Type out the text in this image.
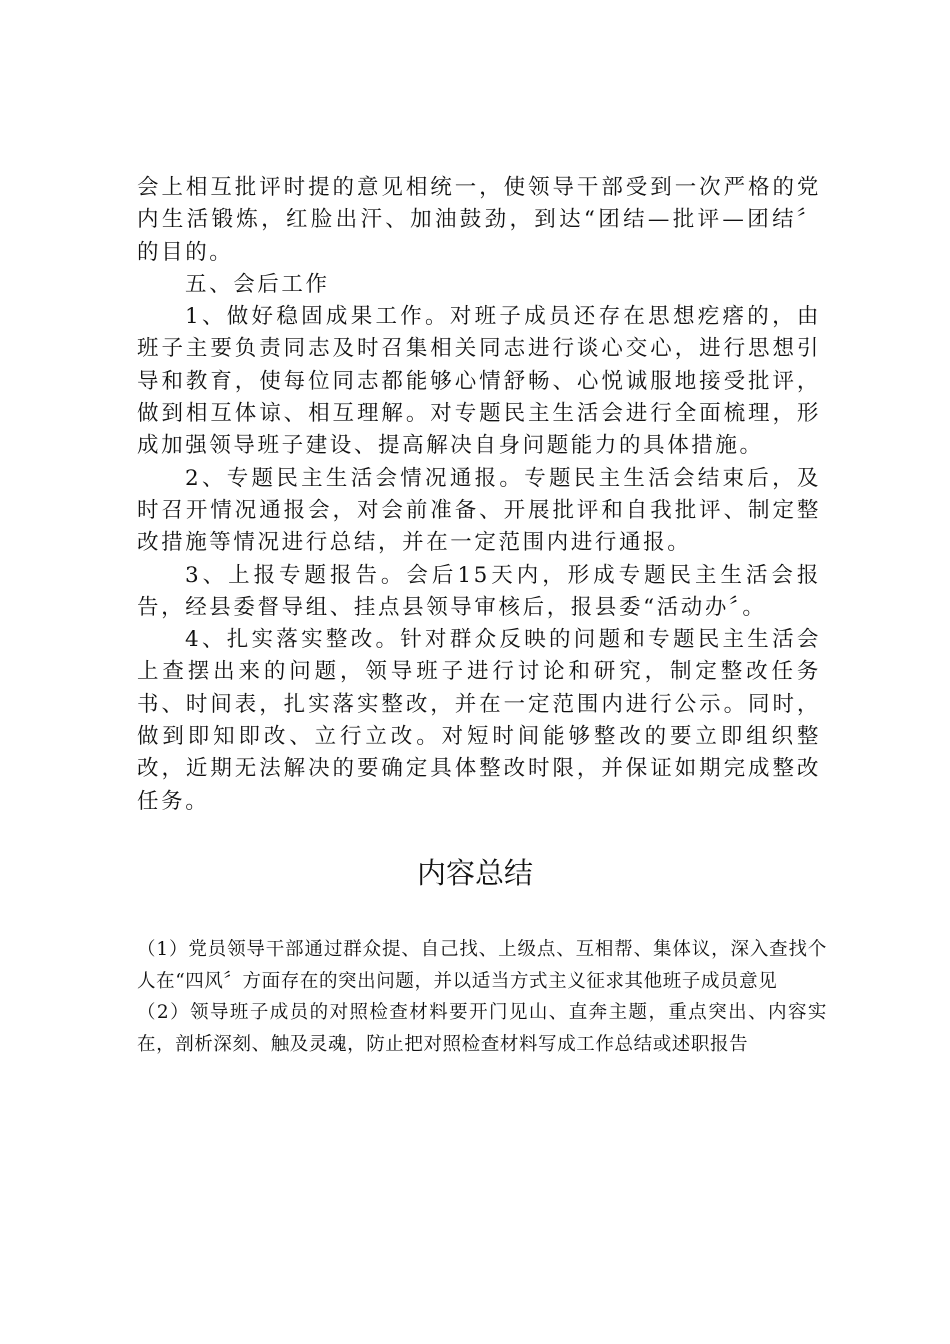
会上相互批评时提的意见相统一，使领导干部受到一次严格的党内生活锻炼，红脸出汗、加油鼓劲，到达“团结—批评—团结〞的目的。

五、会后工作

1、做好稳固成果工作。对班子成员还存在思想疙瘩的，由班子主要负责同志及时召集相关同志进行谈心交心，进行思想引导和教育，使每位同志都能够心情舒畅、心悦诚服地接受批评，做到相互体谅、相互理解。对专题民主生活会进行全面梳理，形成加强领导班子建设、提高解决自身问题能力的具体措施。

2、专题民主生活会情况通报。专题民主生活会结束后，及时召开情况通报会，对会前准备、开展批评和自我批评、制定整改措施等情况进行总结，并在一定范围内进行通报。

3、上报专题报告。会后15天内，形成专题民主生活会报告，经县委督导组、挂点县领导审核后，报县委“活动办〞。

4、扎实落实整改。针对群众反映的问题和专题民主生活会上查摆出来的问题，领导班子进行讨论和研究，制定整改任务书、时间表，扎实落实整改，并在一定范围内进行公示。同时，做到即知即改、立行立改。对短时间能够整改的要立即组织整改，近期无法解决的要确定具体整改时限，并保证如期完成整改任务。

内容总结

（1）党员领导干部通过群众提、自己找、上级点、互相帮、集体议，深入查找个人在“四风〞方面存在的突出问题，并以适当方式主义征求其他班子成员意见

（2）领导班子成员的对照检查材料要开门见山、直奔主题，重点突出、内容实在，剖析深刻、触及灵魂，防止把对照检查材料写成工作总结或述职报告
